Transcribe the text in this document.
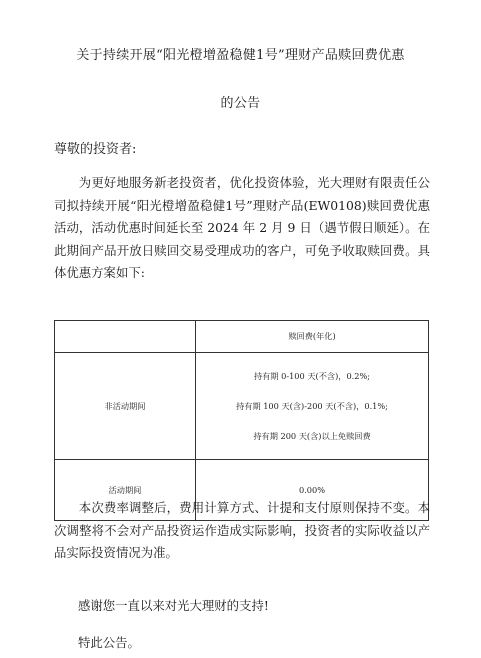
关于持续开展“阳光橙增盈稳健1号”理财产品赎回费优惠
的公告
尊敬的投资者:
为更好地服务新老投资者，优化投资体验，光大理财有限责任公司拟持续开展“阳光橙增盈稳健1号”理财产品(EW0108)赎回费优惠活动，活动优惠时间延长至 2024 年 2 月 9 日（遇节假日顺延）。在此期间产品开放日赎回交易受理成功的客户，可免予收取赎回费。具体优惠方案如下:
	赎回费(年化)
非活动期间	持有期 0-100 天(不含)，0.2%;
持有期 100 天(含)-200 天(不含)，0.1%;
持有期 200 天(含)以上免赎回费

活动期间	0.00%
本次费率调整后，费用计算方式、计提和支付原则保持不变。本次调整将不会对产品投资运作造成实际影响，投资者的实际收益以产品实际投资情况为准。
感谢您一直以来对光大理财的支持!
特此公告。
